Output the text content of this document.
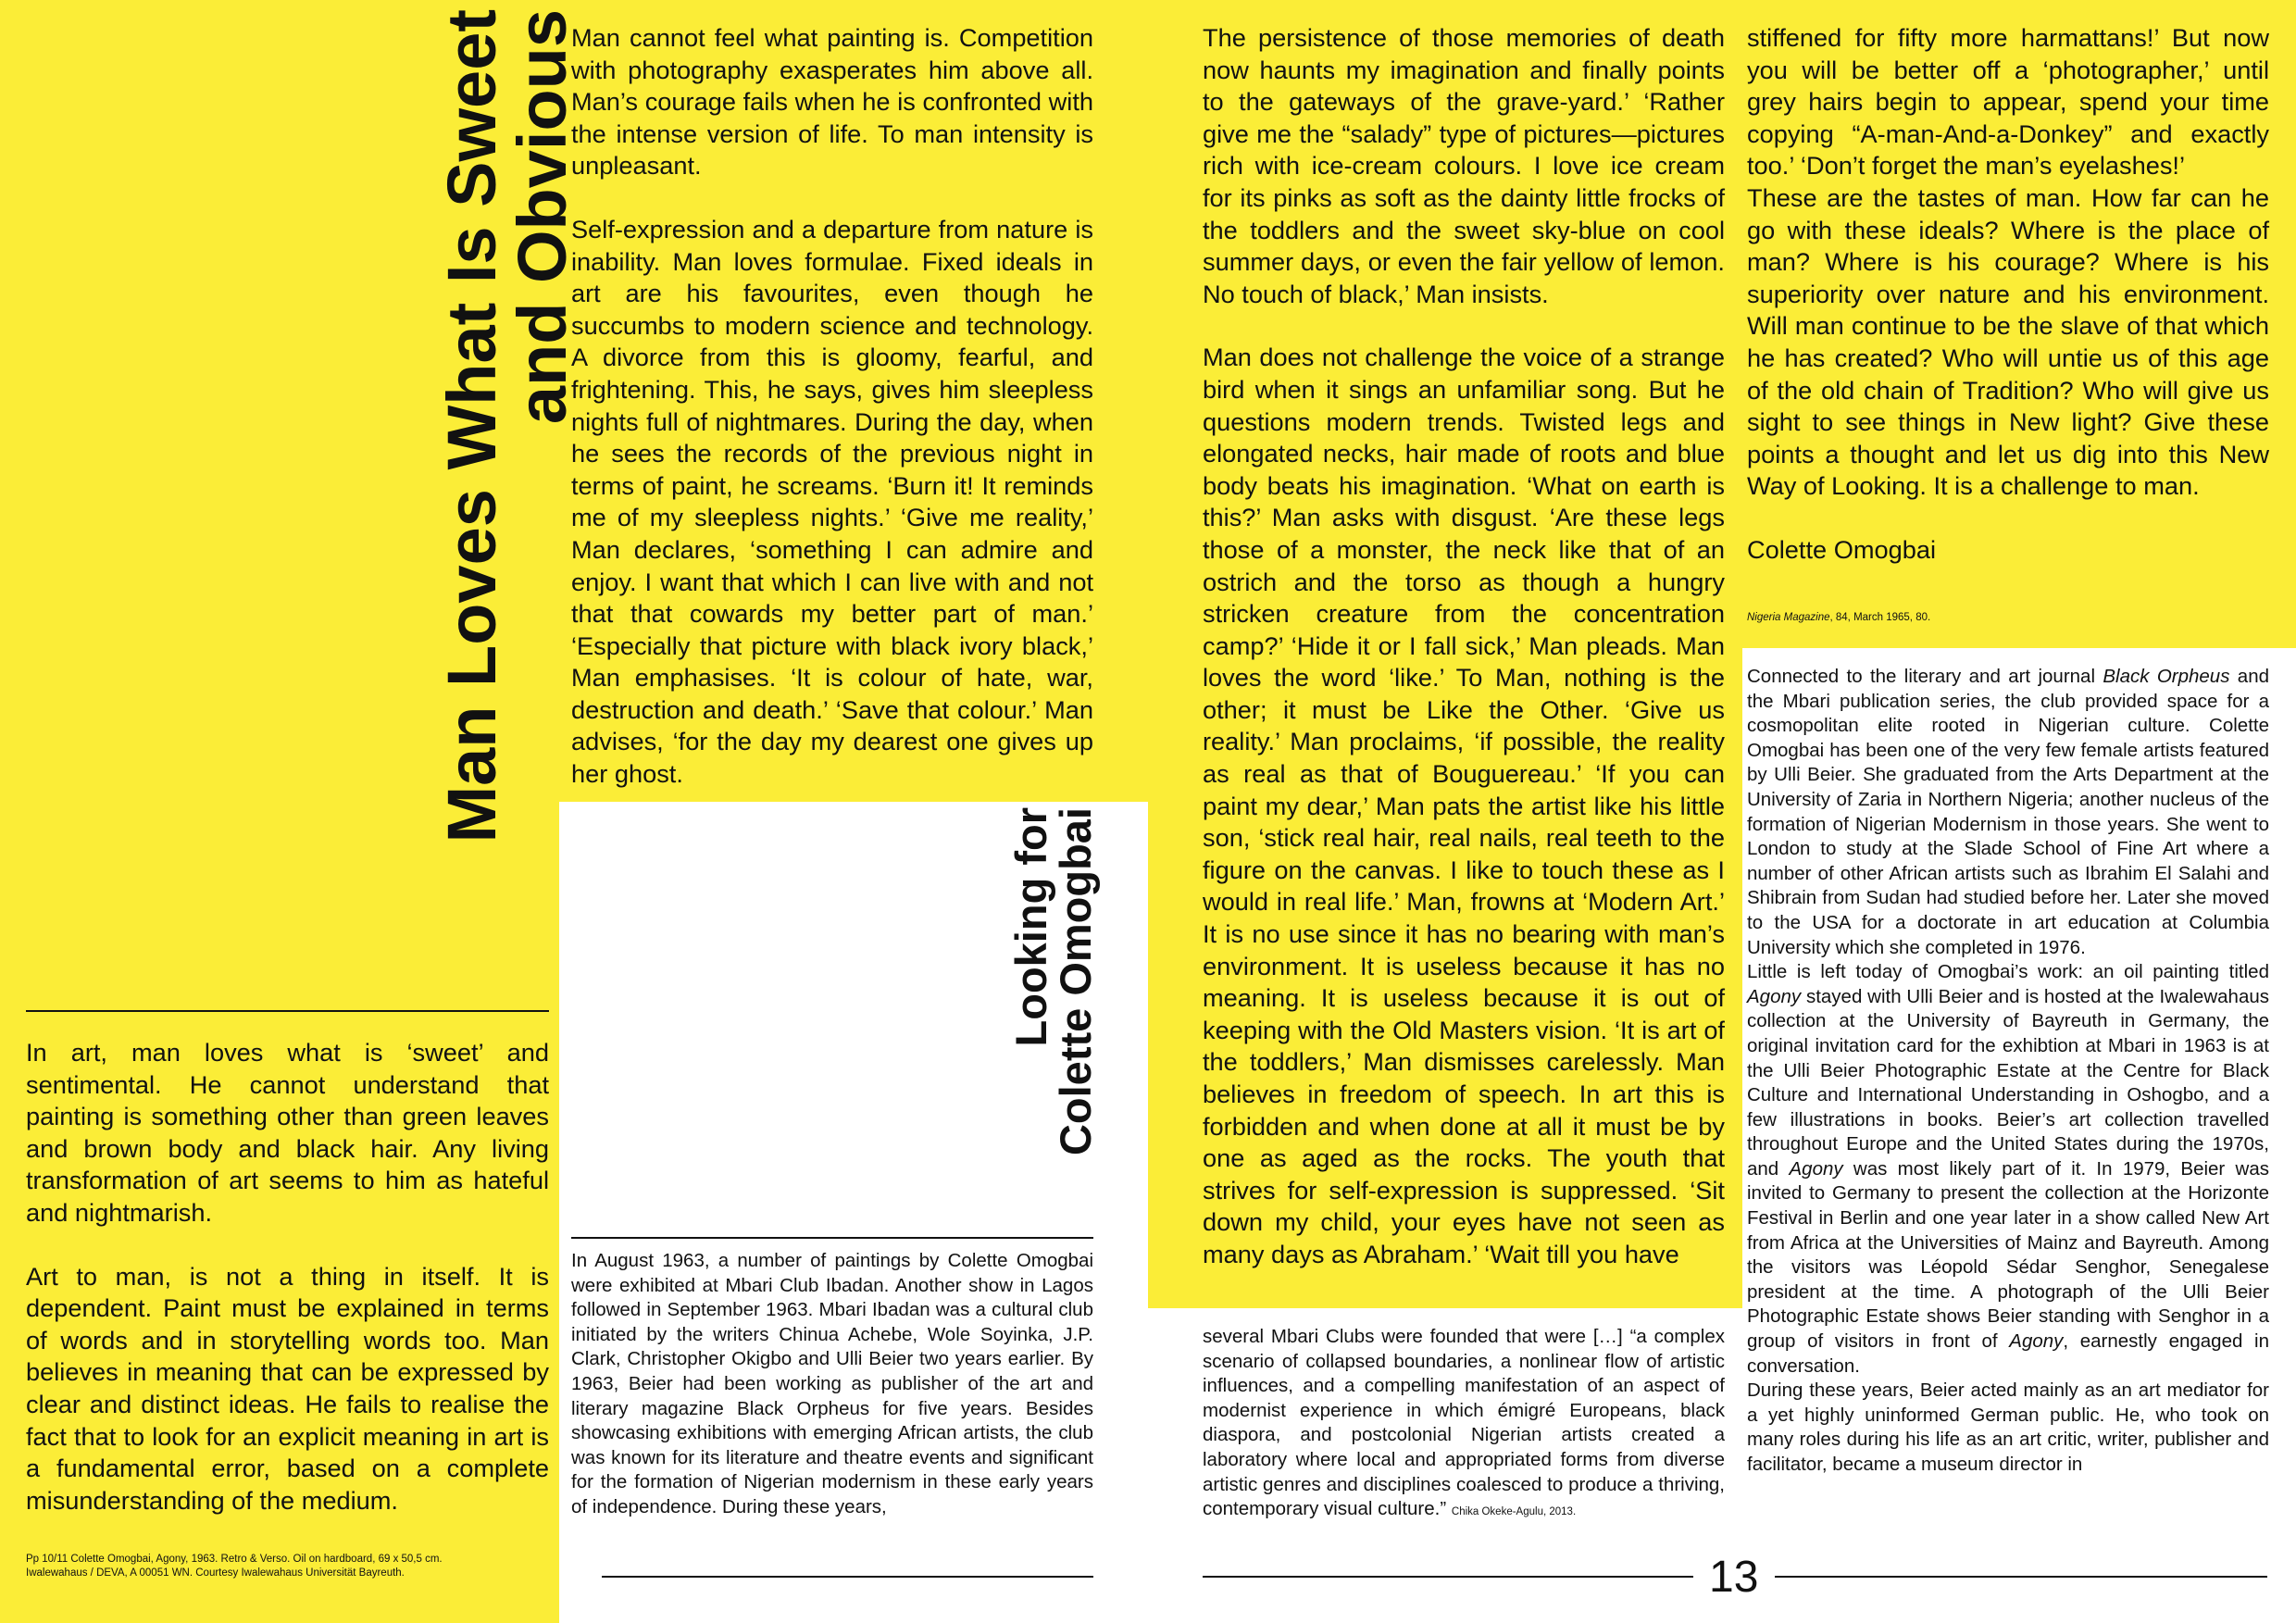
Man Loves What Is Sweet
and Obvious
Looking for
Colette Omogbai

In art, man loves what is ‘sweet’ and sentimental. He cannot understand that painting is something other than green leaves and brown body and black hair. Any living transformation of art seems to him as hateful and nightmarish.

Art to man, is not a thing in itself. It is dependent. Paint must be explained in terms of words and in storytelling words too. Man believes in meaning that can be expressed by clear and distinct ideas. He fails to realise the fact that to look for an explicit meaning in art is a fundamental error, based on a complete misunderstanding of the medium.

Pp 10/11 Colette Omogbai, Agony, 1963. Retro & Verso. Oil on hardboard, 69 x 50,5 cm.
Iwalewahaus / DEVA, A 00051 WN. Courtesy Iwalewahaus Universität Bayreuth.

Man cannot feel what painting is. Competition with photography exasperates him above all. Man’s courage fails when he is confronted with the intense version of life. To man intensity is unpleasant.

Self-expression and a departure from nature is inability. Man loves formulae. Fixed ideals in art are his favourites, even though he succumbs to modern science and technology. A divorce from this is gloomy, fearful, and frightening. This, he says, gives him sleepless nights full of nightmares. During the day, when he sees the records of the previous night in terms of paint, he screams. ‘Burn it! It reminds me of my sleepless nights.’ ‘Give me reality,’ Man declares, ‘something I can admire and enjoy. I want that which I can live with and not that that cowards my better part of man.’ ‘Especially that picture with black ivory black,’ Man emphasises. ‘It is colour of hate, war, destruction and death.’ ‘Save that colour.’ Man advises, ‘for the day my dearest one gives up her ghost.

In August 1963, a number of paintings by Colette Omogbai were exhibited at Mbari Club Ibadan. Another show in Lagos followed in September 1963. Mbari Ibadan was a cultural club initiated by the writers Chinua Achebe, Wole Soyinka, J.P. Clark, Christopher Okigbo and Ulli Beier two years earlier. By 1963, Beier had been working as publisher of the art and literary magazine Black Orpheus for five years. Besides showcasing exhibitions with emerging African artists, the club was known for its literature and theatre events and significant for the formation of Nigerian modernism in these early years of independence. During these years,

The persistence of those memories of death now haunts my imagination and finally points to the gateways of the grave-yard.’ ‘Rather give me the “salady” type of pictures—pictures rich with ice-cream colours. I love ice cream for its pinks as soft as the dainty little frocks of the toddlers and the sweet sky-blue on cool summer days, or even the fair yellow of lemon. No touch of black,’ Man insists.

Man does not challenge the voice of a strange bird when it sings an unfamiliar song. But he questions modern trends. Twisted legs and elongated necks, hair made of roots and blue body beats his imagination. ‘What on earth is this?’ Man asks with disgust. ‘Are these legs those of a monster, the neck like that of an ostrich and the torso as though a hungry stricken creature from the concentration camp?’ ‘Hide it or I fall sick,’ Man pleads. Man loves the word ‘like.’ To Man, nothing is the other; it must be Like the Other. ‘Give us reality.’ Man proclaims, ‘if possible, the reality as real as that of Bouguereau.’ ‘If you can paint my dear,’ Man pats the artist like his little son, ‘stick real hair, real nails, real teeth to the figure on the canvas. I like to touch these as I would in real life.’ Man, frowns at ‘Modern Art.’ It is no use since it has no bearing with man’s environment. It is useless because it has no meaning. It is useless because it is out of keeping with the Old Masters vision. ‘It is art of the toddlers,’ Man dismisses carelessly. Man believes in freedom of speech. In art this is forbidden and when done at all it must be by one as aged as the rocks. The youth that strives for self-expression is suppressed. ‘Sit down my child, your eyes have not seen as many days as Abraham.’ ‘Wait till you have

several Mbari Clubs were founded that were […] “a complex scenario of collapsed boundaries, a nonlinear flow of artistic influences, and a compelling manifestation of an aspect of modernist experience in which émigré Europeans, black diaspora, and postcolonial Nigerian artists created a laboratory where local and appropriated forms from diverse artistic genres and disciplines coalesced to produce a thriving, contemporary visual culture.” Chika Okeke-Agulu, 2013.
13

stiffened for fifty more harmattans!’ But now you will be better off a ‘photographer,’ until grey hairs begin to appear, spend your time copying “A-man-And-a-Donkey” and exactly too.’ ‘Don’t forget the man’s eyelashes!’

These are the tastes of man. How far can he go with these ideals? Where is the place of man? Where is his courage? Where is his superiority over nature and his environment. Will man continue to be the slave of that which he has created? Who will untie us of this age of the old chain of Tradition? Who will give us sight to see things in New light? Give these points a thought and let us dig into this New Way of Looking. It is a challenge to man.

Colette Omogbai

Nigeria Magazine, 84, March 1965, 80.

Connected to the literary and art journal Black Orpheus and the Mbari publication series, the club provided space for a cosmopolitan elite rooted in Nigerian culture. Colette Omogbai has been one of the very few female artists featured by Ulli Beier. She graduated from the Arts Department at the University of Zaria in Northern Nigeria; another nucleus of the formation of Nigerian Modernism in those years. She went to London to study at the Slade School of Fine Art where a number of other African artists such as Ibrahim El Salahi and Shibrain from Sudan had studied before her. Later she moved to the USA for a doctorate in art education at Columbia University which she completed in 1976.

Little is left today of Omogbai’s work: an oil painting titled Agony stayed with Ulli Beier and is hosted at the Iwalewahaus collection at the University of Bayreuth in Germany, the original invitation card for the exhibtion at Mbari in 1963 is at the Ulli Beier Photographic Estate at the Centre for Black Culture and International Understanding in Oshogbo, and a few illustrations in books. Beier’s art collection travelled throughout Europe and the United States during the 1970s, and Agony was most likely part of it. In 1979, Beier was invited to Germany to present the collection at the Horizonte Festival in Berlin and one year later in a show called New Art from Africa at the Universities of Mainz and Bayreuth. Among the visitors was Léopold Sédar Senghor, Senegalese president at the time. A photograph of the Ulli Beier Photographic Estate shows Beier standing with Senghor in a group of visitors in front of Agony, earnestly engaged in conversation.

During these years, Beier acted mainly as an art mediator for a yet highly uninformed German public. He, who took on many roles during his life as an art critic, writer, publisher and facilitator, became a museum director in
